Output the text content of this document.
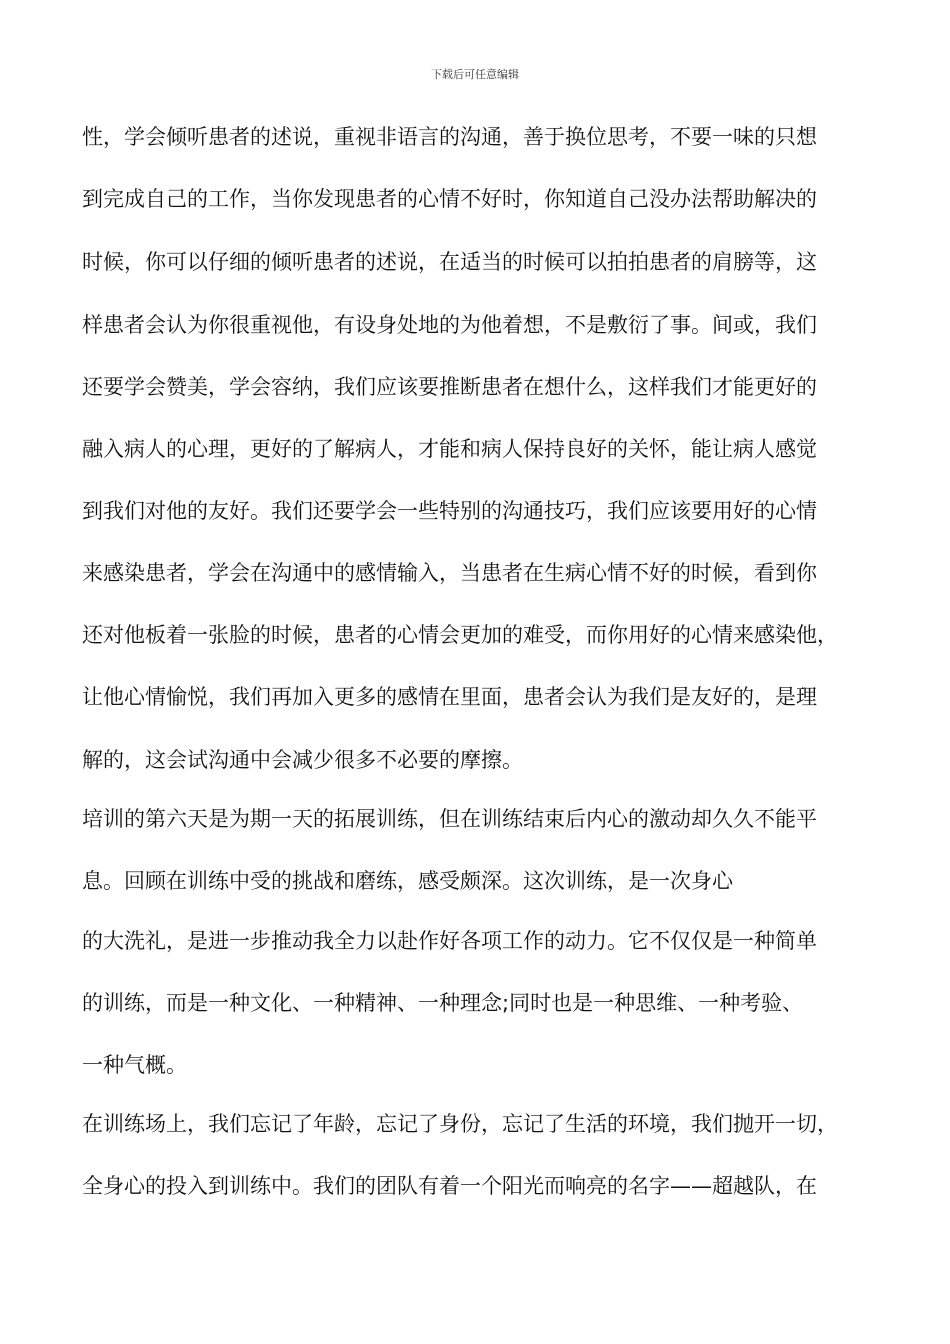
下载后可任意编辑

性，学会倾听患者的述说，重视非语言的沟通，善于换位思考，不要一味的只想

到完成自己的工作，当你发现患者的心情不好时，你知道自己没办法帮助解决的

时候，你可以仔细的倾听患者的述说，在适当的时候可以拍拍患者的肩膀等，这

样患者会认为你很重视他，有设身处地的为他着想，不是敷衍了事。间或，我们

还要学会赞美，学会容纳，我们应该要推断患者在想什么，这样我们才能更好的

融入病人的心理，更好的了解病人，才能和病人保持良好的关怀，能让病人感觉

到我们对他的友好。我们还要学会一些特别的沟通技巧，我们应该要用好的心情

来感染患者，学会在沟通中的感情输入，当患者在生病心情不好的时候，看到你

还对他板着一张脸的时候，患者的心情会更加的难受，而你用好的心情来感染他，

让他心情愉悦，我们再加入更多的感情在里面，患者会认为我们是友好的，是理

解的，这会试沟通中会减少很多不必要的摩擦。

培训的第六天是为期一天的拓展训练，但在训练结束后内心的激动却久久不能平

息。回顾在训练中受的挑战和磨练，感受颇深。这次训练，是一次身心

的大洗礼，是进一步推动我全力以赴作好各项工作的动力。它不仅仅是一种简单

的训练，而是一种文化、一种精神、一种理念;同时也是一种思维、一种考验、

一种气概。

在训练场上，我们忘记了年龄，忘记了身份，忘记了生活的环境，我们抛开一切，

全身心的投入到训练中。我们的团队有着一个阳光而响亮的名字——超越队，在
